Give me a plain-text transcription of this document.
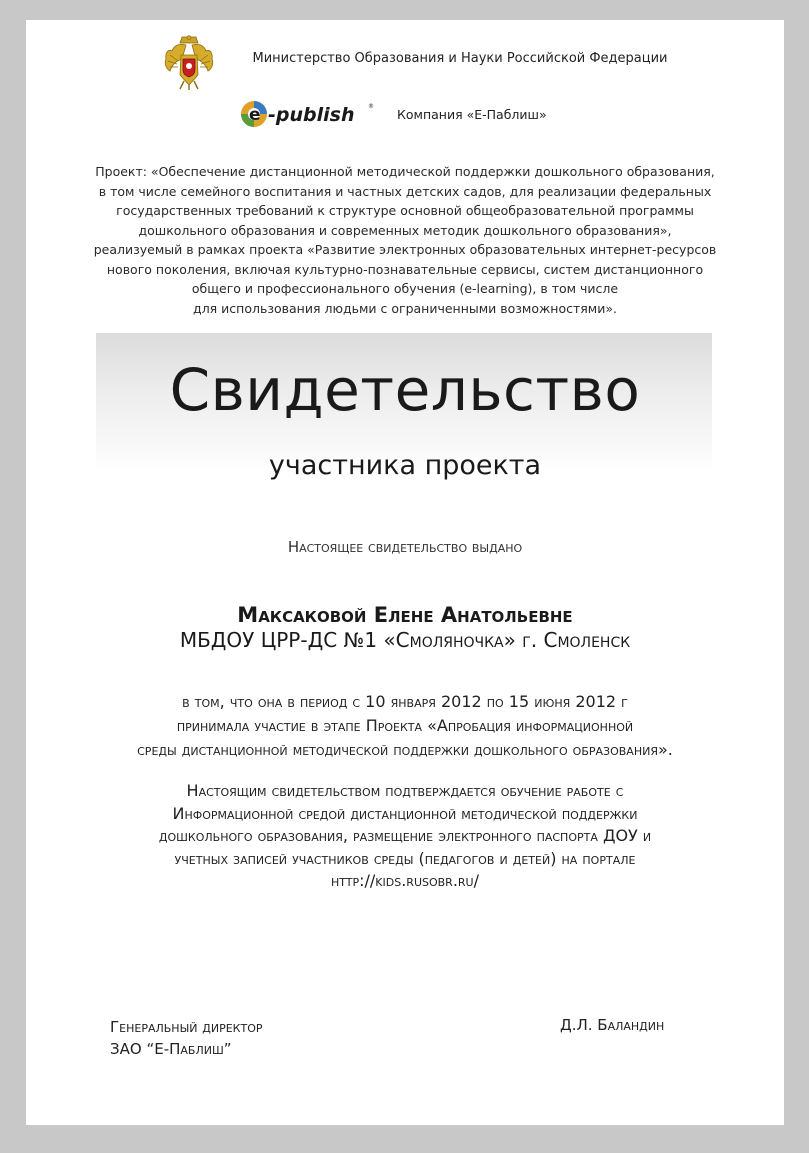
Министерство Образования и Науки Российской Федерации
e -publish ®
Компания «Е-Паблиш»
Проект: «Обеспечение дистанционной методической поддержки дошкольного образования,
в том числе семейного воспитания и частных детских садов, для реализации федеральных
государственных требований к структуре основной общеобразовательной программы
дошкольного образования и современных методик дошкольного образования»,
реализуемый в рамках проекта «Развитие электронных образовательных интернет-ресурсов
нового поколения, включая культурно-познавательные сервисы, систем дистанционного
общего и профессионального обучения (e-learning), в том числе
для использования людьми с ограниченными возможностями».
Свидетельство
участника проекта
Настоящее свидетельство выдано
Максаковой Елене Анатольевне
МБДОУ ЦРР-ДС №1 «Смоляночка» г. Смоленск
в том, что она в период с 10 января 2012 по 15 июня 2012 г
принимала участие в этапе Проекта «Апробация информационной
среды дистанционной методической поддержки дошкольного образования».
Настоящим свидетельством подтверждается обучение работе с
Информационной средой дистанционной методической поддержки
дошкольного образования, размещение электронного паспорта ДОУ и
учетных записей участников среды (педагогов и детей) на портале
http://kids.rusobr.ru/
Генеральный директор
ЗАО “Е-Паблиш”
Д.Л. Баландин
